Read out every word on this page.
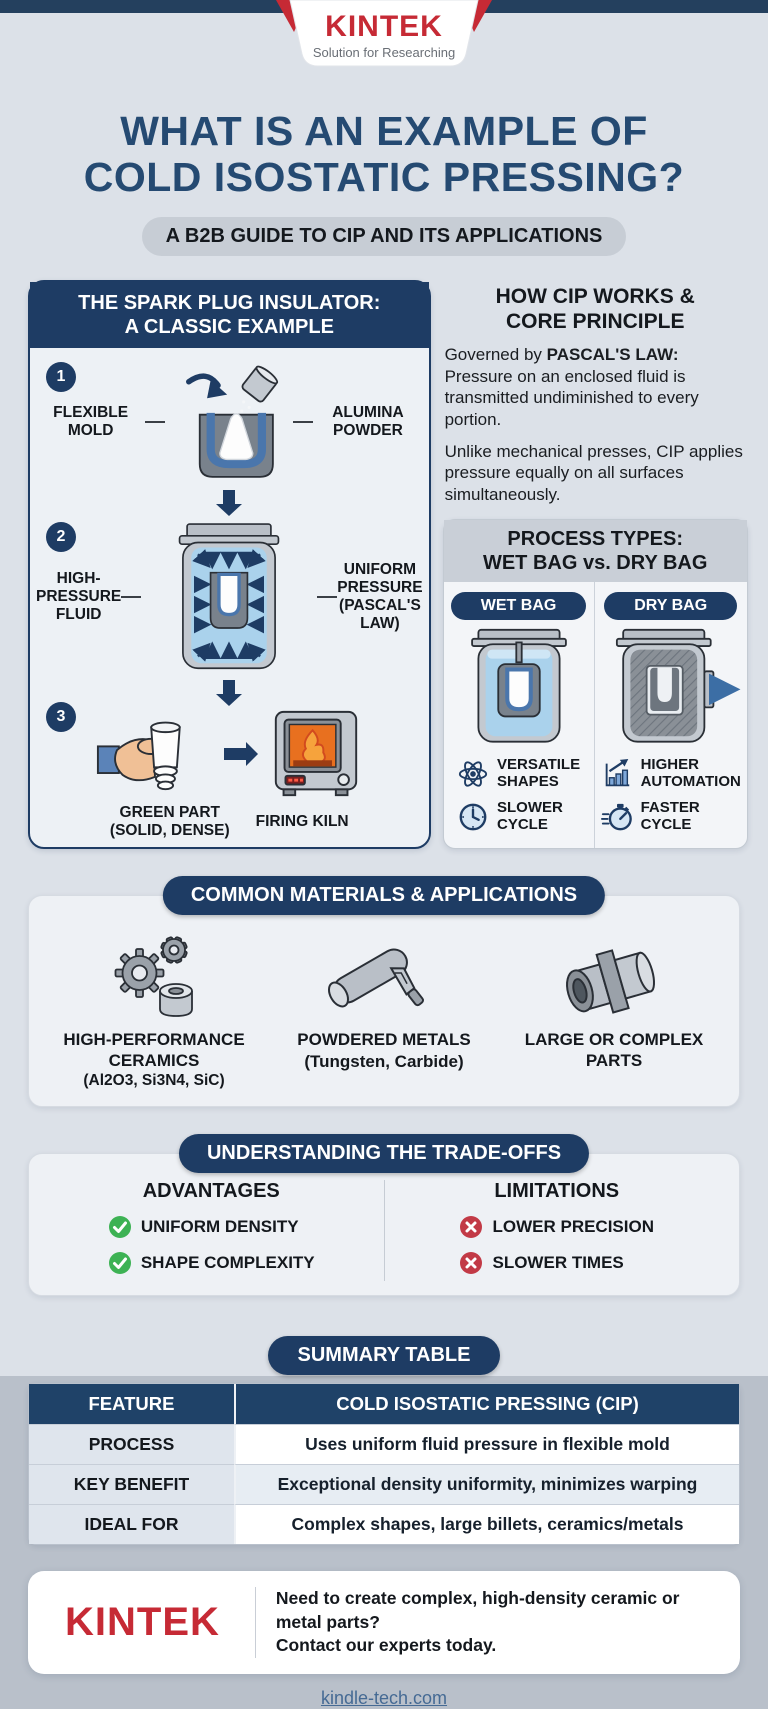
KINTEK
Solution for Researching
WHAT IS AN EXAMPLE OF
COLD ISOSTATIC PRESSING?
A B2B GUIDE TO CIP AND ITS APPLICATIONS
THE SPARK PLUG INSULATOR:
A CLASSIC EXAMPLE
1
FLEXIBLE
MOLD
ALUMINA
POWDER
2
HIGH-
PRESSURE
FLUID
UNIFORM
PRESSURE
(PASCAL'S LAW)
3
GREEN PART
(SOLID, DENSE)
FIRING KILN
HOW CIP WORKS &
CORE PRINCIPLE

Governed by PASCAL'S LAW: Pressure on an enclosed fluid is transmitted undiminished to every portion.

Unlike mechanical presses, CIP applies pressure equally on all surfaces simultaneously.

PROCESS TYPES:
WET BAG vs. DRY BAG
WET BAG
VERSATILE
SHAPES
SLOWER
CYCLE
DRY BAG
HIGHER
AUTOMATION
FASTER
CYCLE
COMMON MATERIALS & APPLICATIONS
HIGH-PERFORMANCE
CERAMICS
(Al2O3, Si3N4, SiC)
POWDERED METALS
(Tungsten, Carbide)
LARGE OR COMPLEX
PARTS
UNDERSTANDING THE TRADE-OFFS
ADVANTAGES
UNIFORM DENSITY
SHAPE COMPLEXITY
LIMITATIONS
LOWER PRECISION
SLOWER TIMES
SUMMARY TABLE
FEATURE	COLD ISOSTATIC PRESSING (CIP)
PROCESS	Uses uniform fluid pressure in flexible mold
KEY BENEFIT	Exceptional density uniformity, minimizes warping
IDEAL FOR	Complex shapes, large billets, ceramics/metals
KINTEK
Need to create complex, high-density ceramic or metal parts?
Contact our experts today.
kindle-tech.com
